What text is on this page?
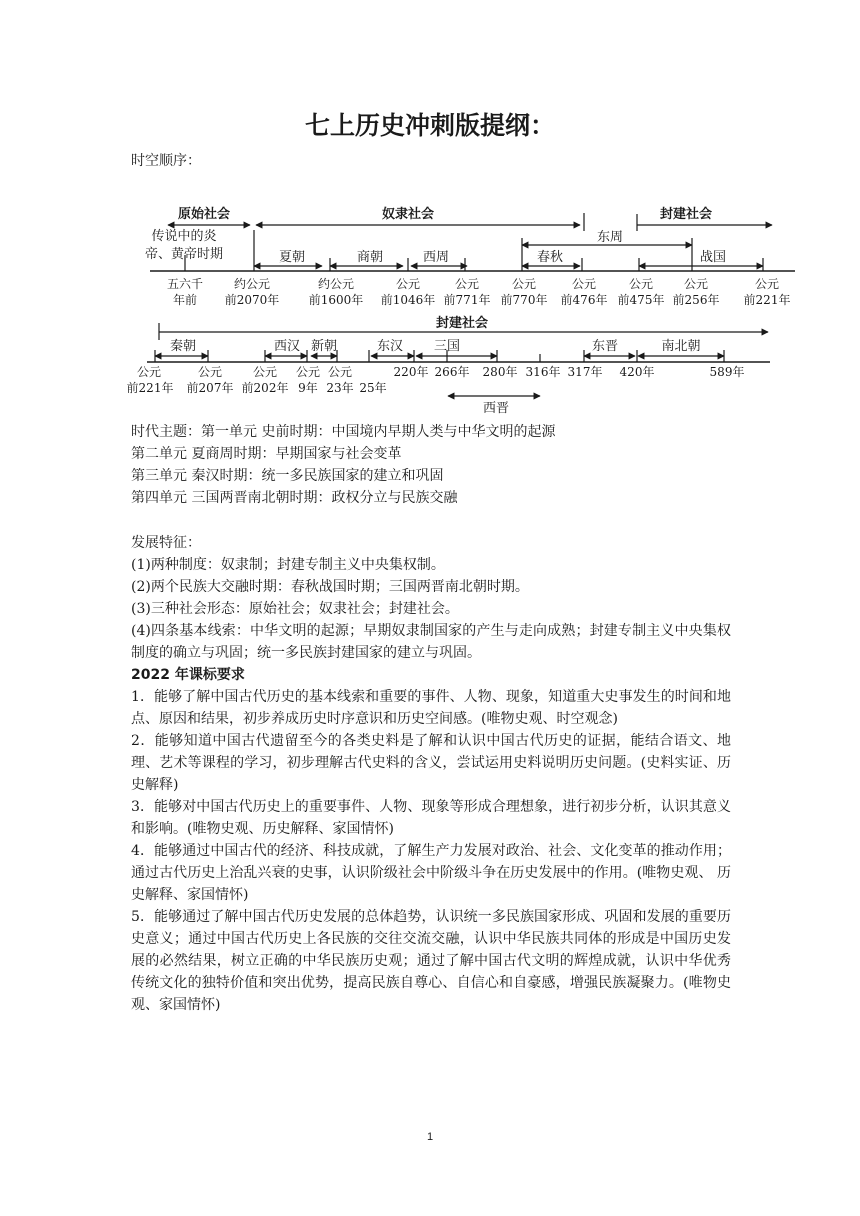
七上历史冲刺版提纲：

时空顺序：

原始社会	奴隶社会	封建社会
封建社会
传说中的炎
帝、黄帝时期	夏朝	商朝	西周
东周
春秋	战国
五六千
年前
约公元
前2070年
约公元
前1600年
公元
前1046年
公元
前771年
公元
前770年
公元
前476年
公元
前475年
公元
前256年
公元
前221年
秦朝	西汉 新朝	东汉 三国	东晋	南北朝
西晋
公元
前221年
公元
前207年
公元
前202年
公元
9年
公元
23年 25年
220年 266年 280年 316年 317年 420年	589年

时代主题：第一单元 史前时期：中国境内早期人类与中华文明的起源

第二单元 夏商周时期：早期国家与社会变革

第三单元 秦汉时期：统一多民族国家的建立和巩固

第四单元 三国两晋南北朝时期：政权分立与民族交融

发展特征：

(1)两种制度：奴隶制；封建专制主义中央集权制。

(2)两个民族大交融时期：春秋战国时期；三国两晋南北朝时期。

(3)三种社会形态：原始社会；奴隶社会；封建社会。

(4)四条基本线索：中华文明的起源；早期奴隶制国家的产生与走向成熟；封建专制主义中央集权制度的确立与巩固；统一多民族封建国家的建立与巩固。

2022 年课标要求

1．能够了解中国古代历史的基本线索和重要的事件、人物、现象，知道重大史事发生的时间和地点、原因和结果，初步养成历史时序意识和历史空间感。(唯物史观、时空观念)

2．能够知道中国古代遗留至今的各类史料是了解和认识中国古代历史的证据，能结合语文、地理、艺术等课程的学习，初步理解古代史料的含义，尝试运用史料说明历史问题。(史料实证、历史解释)

3．能够对中国古代历史上的重要事件、人物、现象等形成合理想象，进行初步分析，认识其意义和影响。(唯物史观、历史解释、家国情怀)

4．能够通过中国古代的经济、科技成就，了解生产力发展对政治、社会、文化变革的推动作用；通过古代历史上治乱兴衰的史事，认识阶级社会中阶级斗争在历史发展中的作用。(唯物史观、 历史解释、家国情怀)

5．能够通过了解中国古代历史发展的总体趋势，认识统一多民族国家形成、巩固和发展的重要历史意义；通过中国古代历史上各民族的交往交流交融，认识中华民族共同体的形成是中国历史发展的必然结果，树立正确的中华民族历史观；通过了解中国古代文明的辉煌成就，认识中华优秀传统文化的独特价值和突出优势，提高民族自尊心、自信心和自豪感，增强民族凝聚力。(唯物史观、家国情怀)

1
